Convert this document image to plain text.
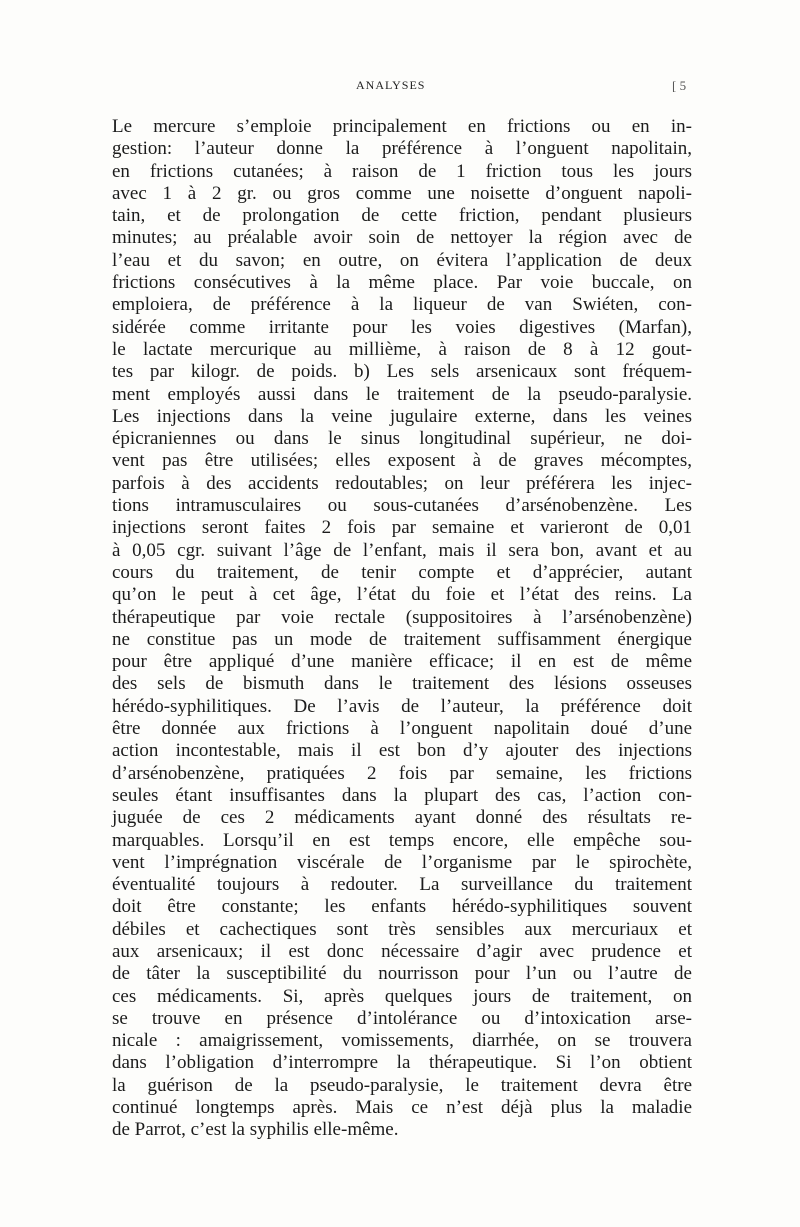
ANALYSES	[ 5
Le mercure s’emploie principalement en frictions ou en in-
gestion: l’auteur donne la préférence à l’onguent napolitain,
en frictions cutanées; à raison de 1 friction tous les jours
avec 1 à 2 gr. ou gros comme une noisette d’onguent napoli-
tain, et de prolongation de cette friction, pendant plusieurs
minutes; au préalable avoir soin de nettoyer la région avec de
l’eau et du savon; en outre, on évitera l’application de deux
frictions consécutives à la même place. Par voie buccale, on
emploiera, de préférence à la liqueur de van Swiéten, con-
sidérée comme irritante pour les voies digestives (Marfan),
le lactate mercurique au millième, à raison de 8 à 12 gout-
tes par kilogr. de poids. b) Les sels arsenicaux sont fréquem-
ment employés aussi dans le traitement de la pseudo-paralysie.
Les injections dans la veine jugulaire externe, dans les veines
épicraniennes ou dans le sinus longitudinal supérieur, ne doi-
vent pas être utilisées; elles exposent à de graves mécomptes,
parfois à des accidents redoutables; on leur préférera les injec-
tions intramusculaires ou sous-cutanées d’arsénobenzène. Les
injections seront faites 2 fois par semaine et varieront de 0,01
à 0,05 cgr. suivant l’âge de l’enfant, mais il sera bon, avant et au
cours du traitement, de tenir compte et d’apprécier, autant
qu’on le peut à cet âge, l’état du foie et l’état des reins. La
thérapeutique par voie rectale (suppositoires à l’arsénobenzène)
ne constitue pas un mode de traitement suffisamment énergique
pour être appliqué d’une manière efficace; il en est de même
des sels de bismuth dans le traitement des lésions osseuses
hérédo-syphilitiques. De l’avis de l’auteur, la préférence doit
être donnée aux frictions à l’onguent napolitain doué d’une
action incontestable, mais il est bon d’y ajouter des injections
d’arsénobenzène, pratiquées 2 fois par semaine, les frictions
seules étant insuffisantes dans la plupart des cas, l’action con-
juguée de ces 2 médicaments ayant donné des résultats re-
marquables. Lorsqu’il en est temps encore, elle empêche sou-
vent l’imprégnation viscérale de l’organisme par le spirochète,
éventualité toujours à redouter. La surveillance du traitement
doit être constante; les enfants hérédo-syphilitiques souvent
débiles et cachectiques sont très sensibles aux mercuriaux et
aux arsenicaux; il est donc nécessaire d’agir avec prudence et
de tâter la susceptibilité du nourrisson pour l’un ou l’autre de
ces médicaments. Si, après quelques jours de traitement, on
se trouve en présence d’intolérance ou d’intoxication arse-
nicale : amaigrissement, vomissements, diarrhée, on se trouvera
dans l’obligation d’interrompre la thérapeutique. Si l’on obtient
la guérison de la pseudo-paralysie, le traitement devra être
continué longtemps après. Mais ce n’est déjà plus la maladie
de Parrot, c’est la syphilis elle-même.
